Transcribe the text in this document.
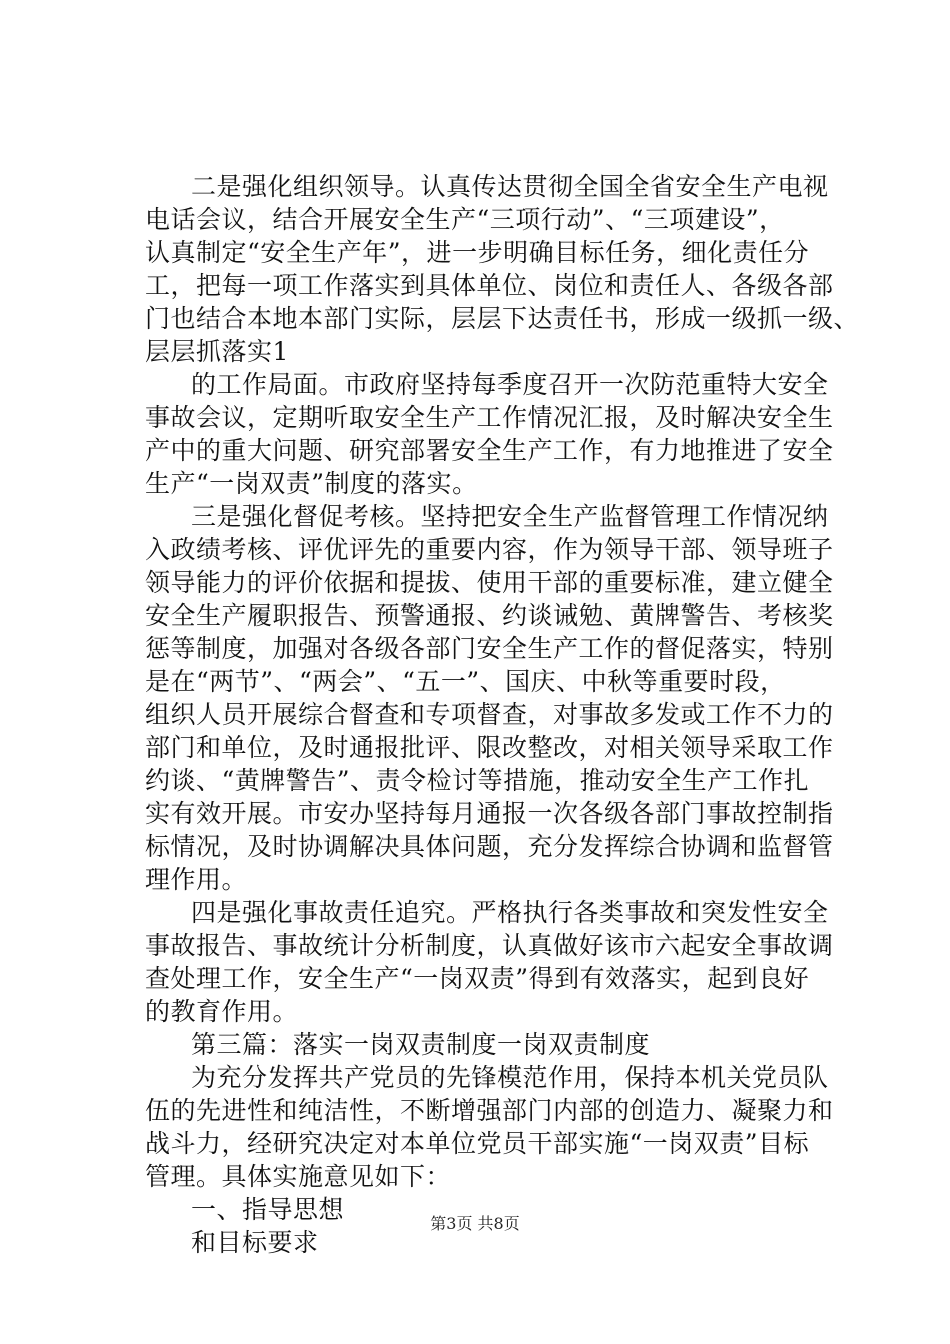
二是强化组织领导。认真传达贯彻全国全省安全生产电视
电话会议，结合开展安全生产“三项行动”、“三项建设”，
认真制定“安全生产年”，进一步明确目标任务，细化责任分
工，把每一项工作落实到具体单位、岗位和责任人、各级各部
门也结合本地本部门实际，层层下达责任书，形成一级抓一级、
层层抓落实1
的工作局面。市政府坚持每季度召开一次防范重特大安全
事故会议，定期听取安全生产工作情况汇报，及时解决安全生
产中的重大问题、研究部署安全生产工作，有力地推进了安全
生产“一岗双责”制度的落实。
三是强化督促考核。坚持把安全生产监督管理工作情况纳
入政绩考核、评优评先的重要内容，作为领导干部、领导班子
领导能力的评价依据和提拔、使用干部的重要标准，建立健全
安全生产履职报告、预警通报、约谈诫勉、黄牌警告、考核奖
惩等制度，加强对各级各部门安全生产工作的督促落实，特别
是在“两节”、“两会”、“五一”、国庆、中秋等重要时段，
组织人员开展综合督查和专项督查，对事故多发或工作不力的
部门和单位，及时通报批评、限改整改，对相关领导采取工作
约谈、“黄牌警告”、责令检讨等措施，推动安全生产工作扎
实有效开展。市安办坚持每月通报一次各级各部门事故控制指
标情况，及时协调解决具体问题，充分发挥综合协调和监督管
理作用。
四是强化事故责任追究。严格执行各类事故和突发性安全
事故报告、事故统计分析制度，认真做好该市六起安全事故调
查处理工作，安全生产“一岗双责”得到有效落实，起到良好
的教育作用。
第三篇：落实一岗双责制度一岗双责制度
为充分发挥共产党员的先锋模范作用，保持本机关党员队
伍的先进性和纯洁性，不断增强部门内部的创造力、凝聚力和
战斗力，经研究决定对本单位党员干部实施“一岗双责”目标
管理。具体实施意见如下：
一、指导思想
和目标要求
第3页 共8页
